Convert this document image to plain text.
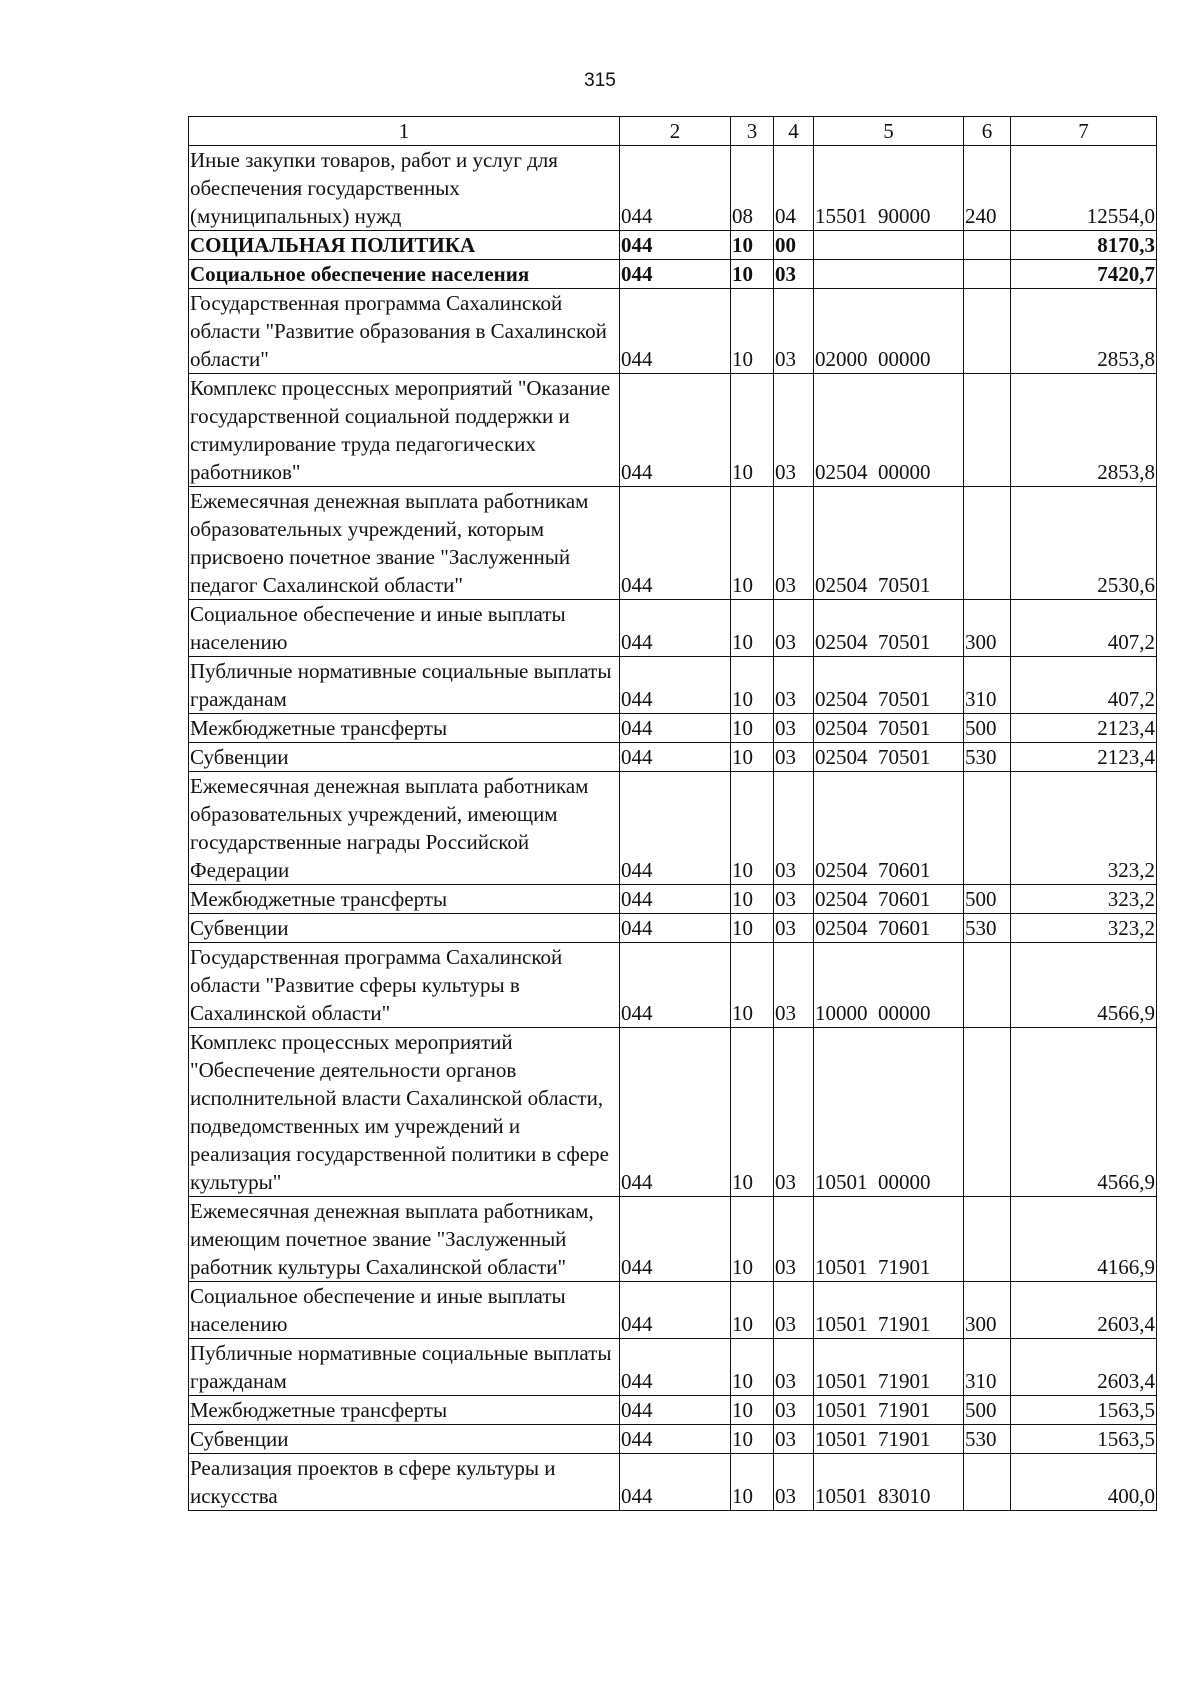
315
1	2	3	4	5	6	7
Иные закупки товаров, работ и услуг для обеспечения государственных (муниципальных) нужд	044	08	04	15501  90000	240	12554,0
СОЦИАЛЬНАЯ ПОЛИТИКА	044	10	00			8170,3
Социальное обеспечение населения	044	10	03			7420,7
Государственная программа Сахалинской области "Развитие образования в Сахалинской области"	044	10	03	02000  00000		2853,8
Комплекс процессных мероприятий "Оказание государственной социальной поддержки и стимулирование труда педагогических работников"	044	10	03	02504  00000		2853,8
Ежемесячная денежная выплата работникам образовательных учреждений, которым присвоено почетное звание "Заслуженный педагог Сахалинской области"	044	10	03	02504  70501		2530,6
Социальное обеспечение и иные выплаты населению	044	10	03	02504  70501	300	407,2
Публичные нормативные социальные выплаты гражданам	044	10	03	02504  70501	310	407,2
Межбюджетные трансферты	044	10	03	02504  70501	500	2123,4
Субвенции	044	10	03	02504  70501	530	2123,4
Ежемесячная денежная выплата работникам образовательных учреждений, имеющим государственные награды Российской Федерации	044	10	03	02504  70601		323,2
Межбюджетные трансферты	044	10	03	02504  70601	500	323,2
Субвенции	044	10	03	02504  70601	530	323,2
Государственная программа Сахалинской области "Развитие сферы культуры в Сахалинской области"	044	10	03	10000  00000		4566,9
Комплекс процессных мероприятий "Обеспечение деятельности органов исполнительной власти Сахалинской области, подведомственных им учреждений и реализация государственной политики в сфере культуры"	044	10	03	10501  00000		4566,9
Ежемесячная денежная выплата работникам, имеющим почетное звание "Заслуженный работник культуры Сахалинской области"	044	10	03	10501  71901		4166,9
Социальное обеспечение и иные выплаты населению	044	10	03	10501  71901	300	2603,4
Публичные нормативные социальные выплаты гражданам	044	10	03	10501  71901	310	2603,4
Межбюджетные трансферты	044	10	03	10501  71901	500	1563,5
Субвенции	044	10	03	10501  71901	530	1563,5
Реализация проектов в сфере культуры и искусства	044	10	03	10501  83010		400,0
